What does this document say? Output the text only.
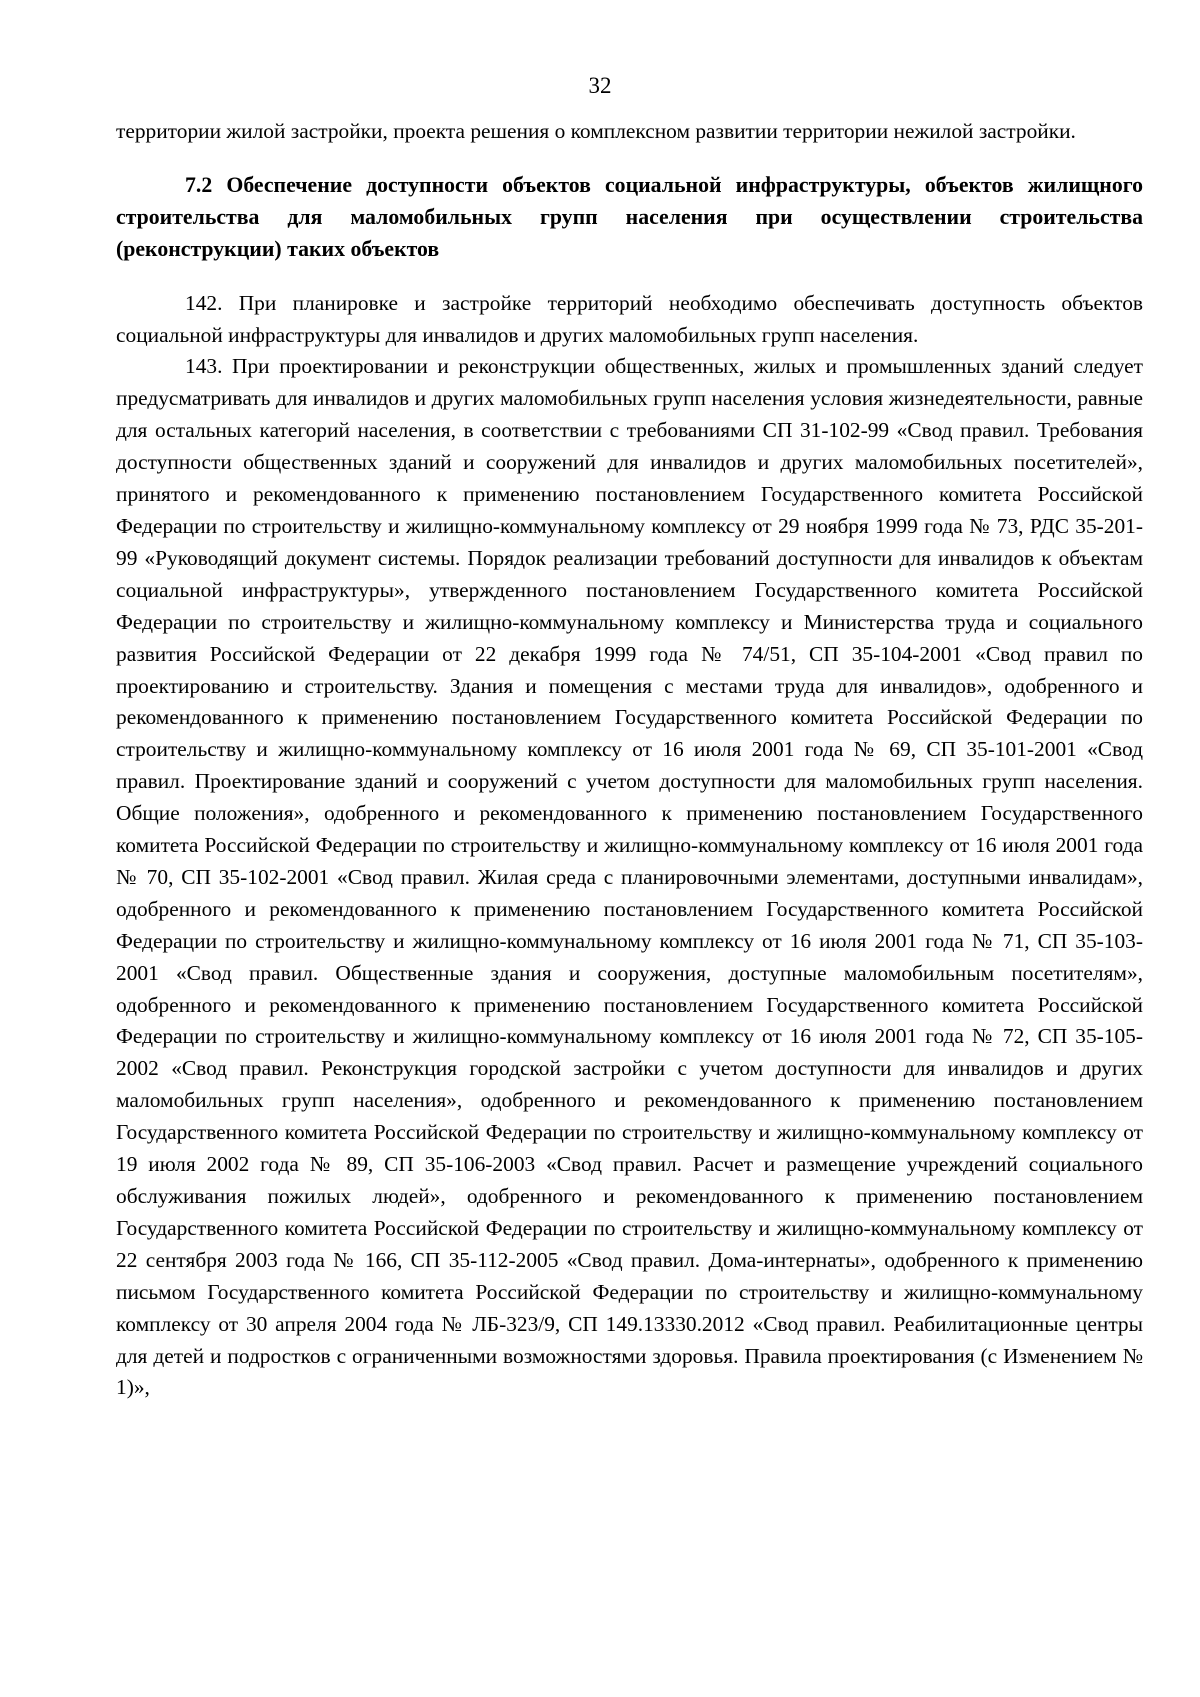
32

территории жилой застройки, проекта решения о комплексном развитии территории нежилой застройки.

7.2 Обеспечение доступности объектов социальной инфраструктуры, объектов жилищного строительства для маломобильных групп населения при осуществлении строительства (реконструкции) таких объектов

142. При планировке и застройке территорий необходимо обеспечивать доступность объектов социальной инфраструктуры для инвалидов и других маломобильных групп населения.

143. При проектировании и реконструкции общественных, жилых и промышленных зданий следует предусматривать для инвалидов и других маломобильных групп населения условия жизнедеятельности, равные для остальных категорий населения, в соответствии с требованиями СП 31-102-99 «Свод правил. Требования доступности общественных зданий и сооружений для инвалидов и других маломобильных посетителей», принятого и рекомендованного к применению постановлением Государственного комитета Российской Федерации по строительству и жилищно-коммунальному комплексу от 29 ноября 1999 года № 73, РДС 35-201-99 «Руководящий документ системы. Порядок реализации требований доступности для инвалидов к объектам социальной инфраструктуры», утвержденного постановлением Государственного комитета Российской Федерации по строительству и жилищно-коммунальному комплексу и Министерства труда и социального развития Российской Федерации от 22 декабря 1999 года № 74/51, СП 35-104-2001 «Свод правил по проектированию и строительству. Здания и помещения с местами труда для инвалидов», одобренного и рекомендованного к применению постановлением Государственного комитета Российской Федерации по строительству и жилищно-коммунальному комплексу от 16 июля 2001 года № 69, СП 35-101-2001 «Свод правил. Проектирование зданий и сооружений с учетом доступности для маломобильных групп населения. Общие положения», одобренного и рекомендованного к применению постановлением Государственного комитета Российской Федерации по строительству и жилищно-коммунальному комплексу от 16 июля 2001 года № 70, СП 35-102-2001 «Свод правил. Жилая среда с планировочными элементами, доступными инвалидам», одобренного и рекомендованного к применению постановлением Государственного комитета Российской Федерации по строительству и жилищно-коммунальному комплексу от 16 июля 2001 года № 71, СП 35-103-2001 «Свод правил. Общественные здания и сооружения, доступные маломобильным посетителям», одобренного и рекомендованного к применению постановлением Государственного комитета Российской Федерации по строительству и жилищно-коммунальному комплексу от 16 июля 2001 года № 72, СП 35-105-2002 «Свод правил. Реконструкция городской застройки с учетом доступности для инвалидов и других маломобильных групп населения», одобренного и рекомендованного к применению постановлением Государственного комитета Российской Федерации по строительству и жилищно-коммунальному комплексу от 19 июля 2002 года № 89, СП 35-106-2003 «Свод правил. Расчет и размещение учреждений социального обслуживания пожилых людей», одобренного и рекомендованного к применению постановлением Государственного комитета Российской Федерации по строительству и жилищно-коммунальному комплексу от 22 сентября 2003 года № 166, СП 35-112-2005 «Свод правил. Дома-интернаты», одобренного к применению письмом Государственного комитета Российской Федерации по строительству и жилищно-коммунальному комплексу от 30 апреля 2004 года № ЛБ-323/9, СП 149.13330.2012 «Свод правил. Реабилитационные центры для детей и подростков с ограниченными возможностями здоровья. Правила проектирования (с Изменением № 1)»,
